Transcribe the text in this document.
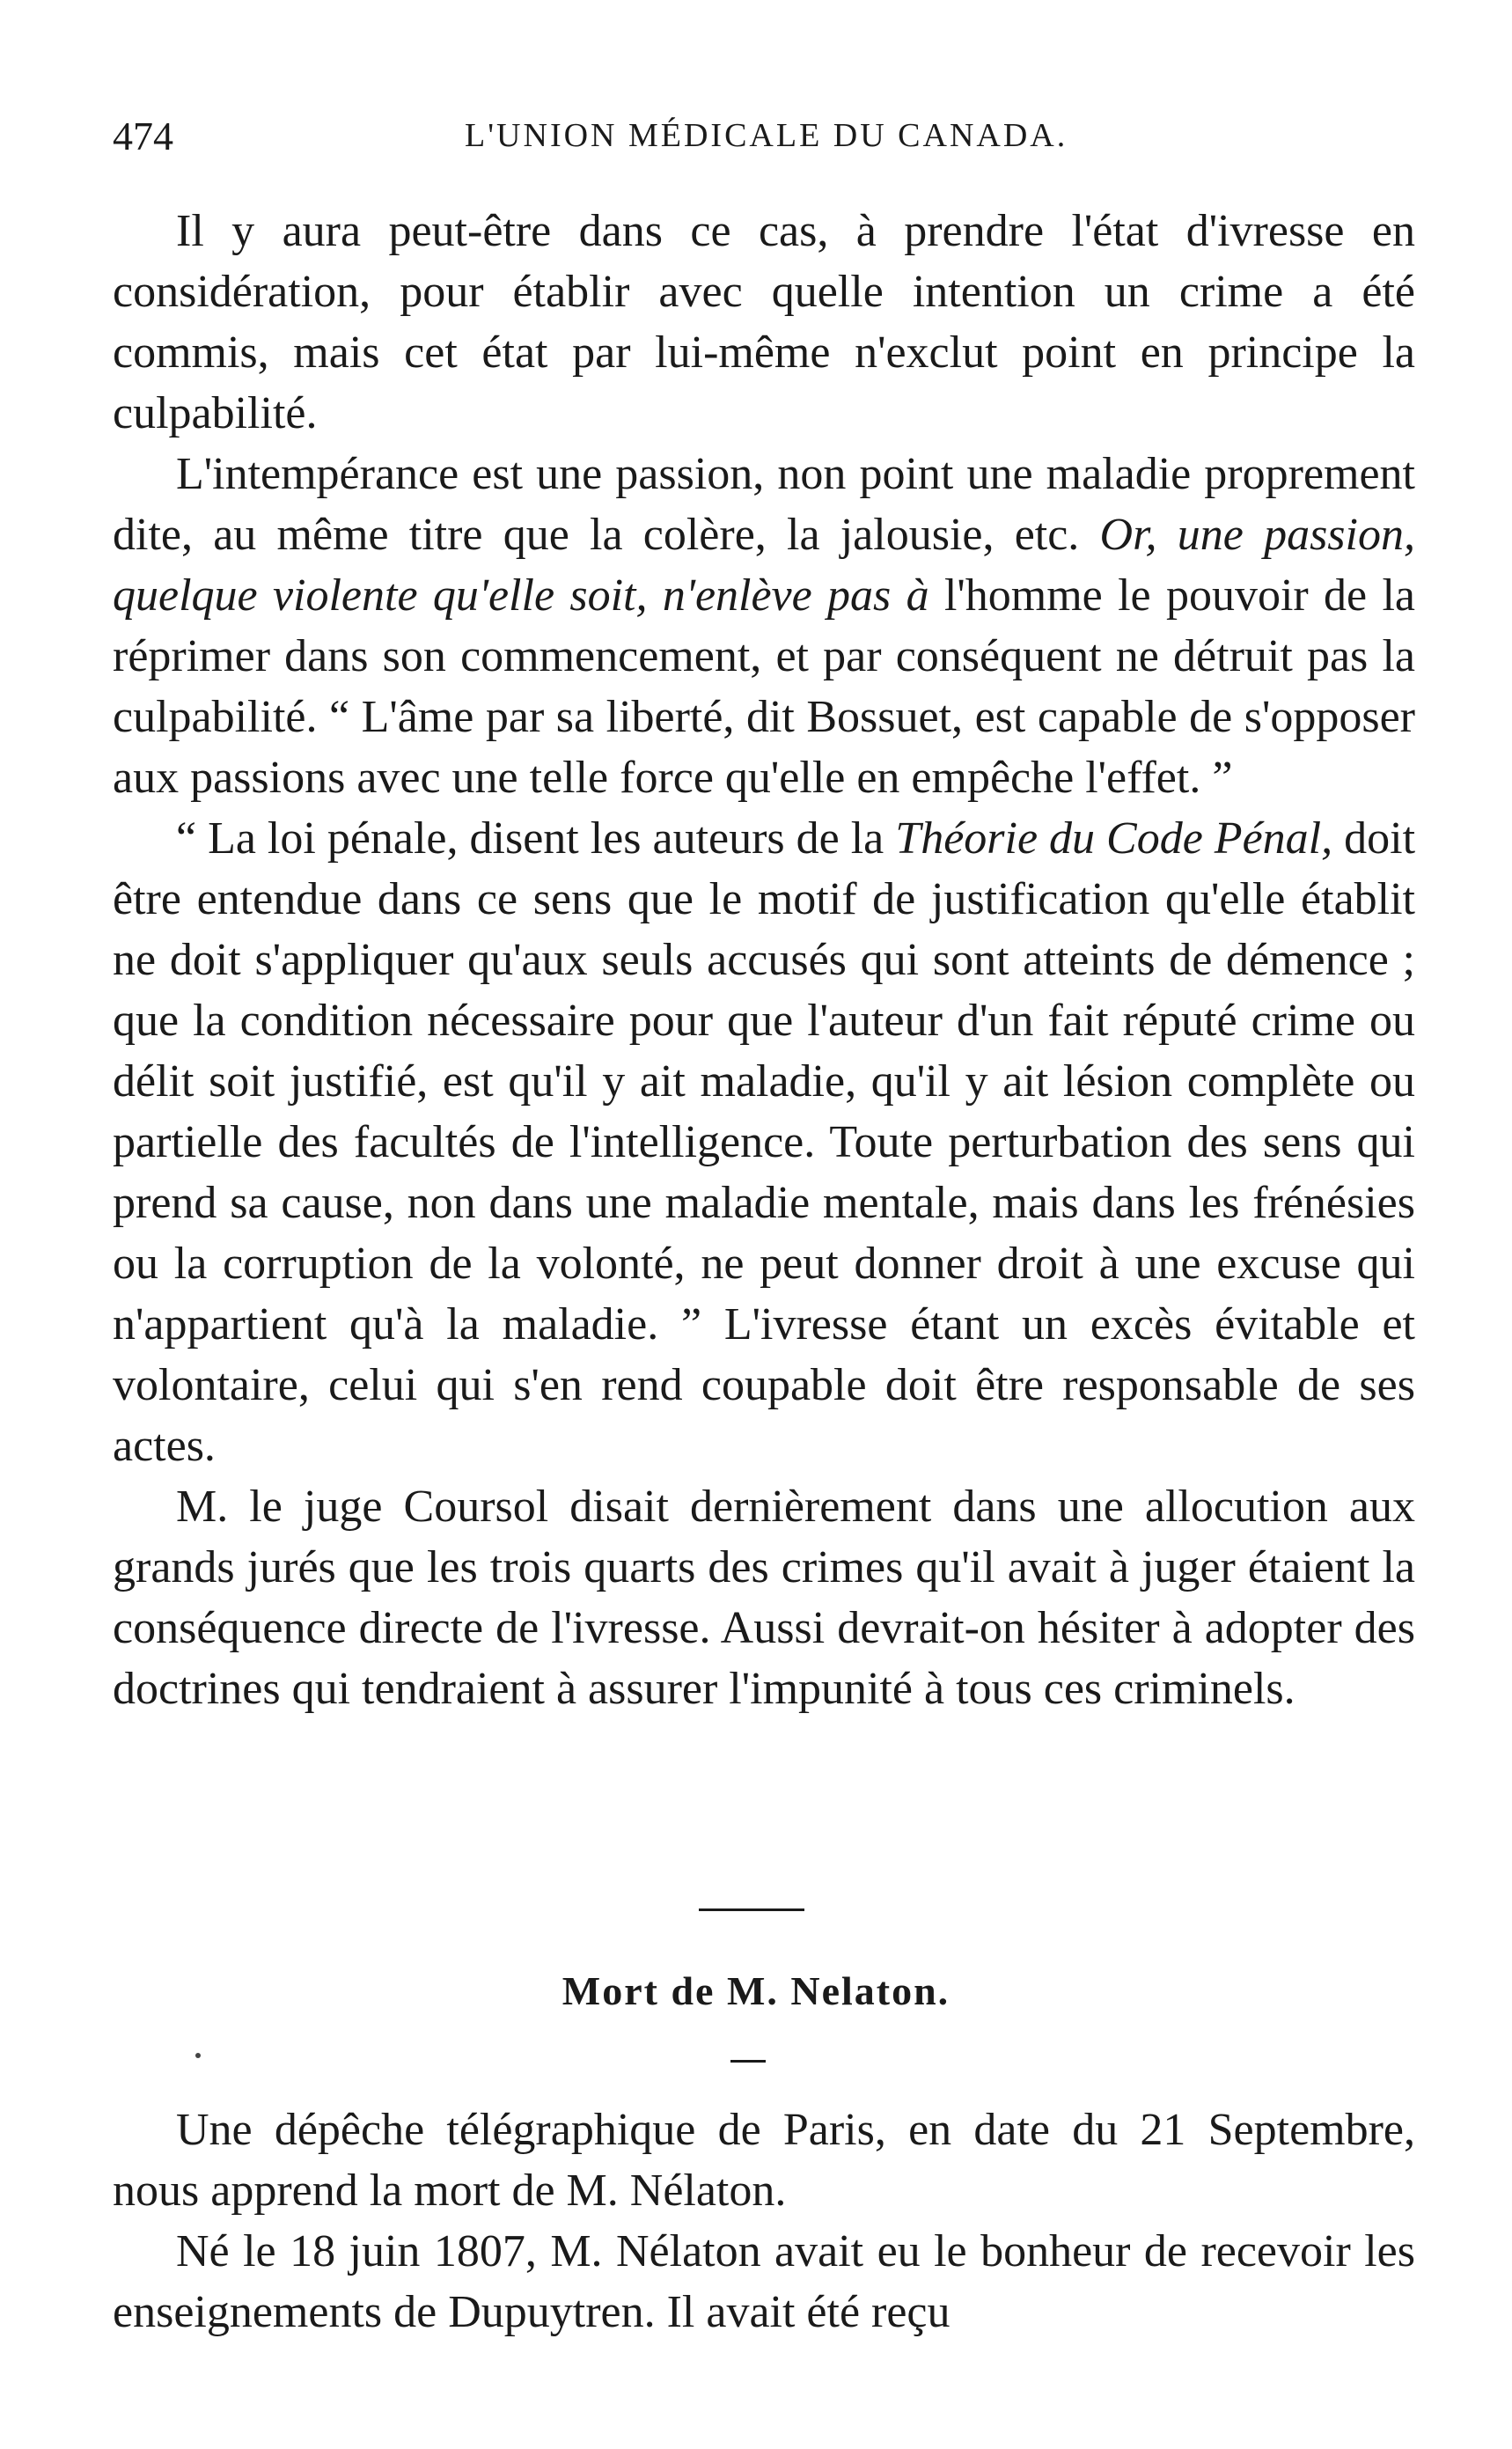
474	L'UNION MÉDICALE DU CANADA.

Il y aura peut-être dans ce cas, à prendre l'état d'ivresse en considération, pour établir avec quelle intention un crime a été commis, mais cet état par lui-même n'exclut point en principe la culpabilité.

L'intempérance est une passion, non point une maladie proprement dite, au même titre que la colère, la jalousie, etc. Or, une passion, quelque violente qu'elle soit, n'enlève pas à l'homme le pouvoir de la réprimer dans son commencement, et par conséquent ne détruit pas la culpabilité. “ L'âme par sa liberté, dit Bossuet, est capable de s'opposer aux passions avec une telle force qu'elle en empêche l'effet. ”

“ La loi pénale, disent les auteurs de la Théorie du Code Pénal, doit être entendue dans ce sens que le motif de justification qu'elle établit ne doit s'appliquer qu'aux seuls accusés qui sont atteints de démence ; que la condition nécessaire pour que l'auteur d'un fait réputé crime ou délit soit justifié, est qu'il y ait maladie, qu'il y ait lésion complète ou partielle des facultés de l'intelligence. Toute perturbation des sens qui prend sa cause, non dans une maladie mentale, mais dans les frénésies ou la corruption de la volonté, ne peut donner droit à une excuse qui n'appartient qu'à la maladie. ” L'ivresse étant un excès évitable et volontaire, celui qui s'en rend coupable doit être responsable de ses actes.

M. le juge Coursol disait dernièrement dans une allocution aux grands jurés que les trois quarts des crimes qu'il avait à juger étaient la conséquence directe de l'ivresse. Aussi devrait-on hésiter à adopter des doctrines qui tendraient à assurer l'impunité à tous ces criminels.

Mort de M. Nelaton.

Une dépêche télégraphique de Paris, en date du 21 Septembre, nous apprend la mort de M. Nélaton.

Né le 18 juin 1807, M. Nélaton avait eu le bonheur de recevoir les enseignements de Dupuytren. Il avait été reçu
